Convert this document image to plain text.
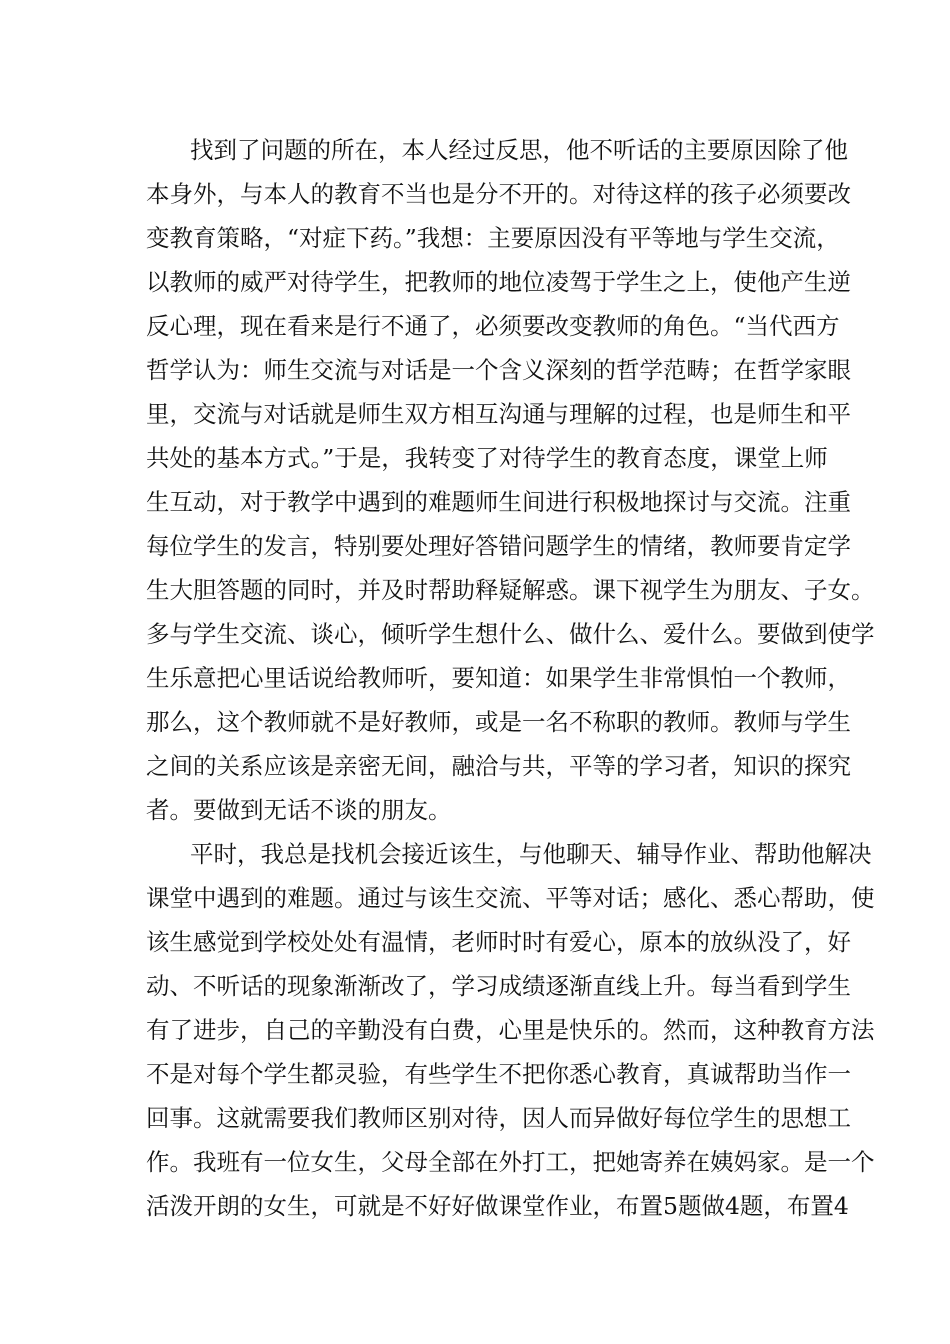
找到了问题的所在，本人经过反思，他不听话的主要原因除了他
本身外，与本人的教育不当也是分不开的。对待这样的孩子必须要改
变教育策略，“对症下药。”我想：主要原因没有平等地与学生交流，
以教师的威严对待学生，把教师的地位凌驾于学生之上，使他产生逆
反心理，现在看来是行不通了，必须要改变教师的角色。“当代西方
哲学认为：师生交流与对话是一个含义深刻的哲学范畴；在哲学家眼
里，交流与对话就是师生双方相互沟通与理解的过程，也是师生和平
共处的基本方式。”于是，我转变了对待学生的教育态度，课堂上师
生互动，对于教学中遇到的难题师生间进行积极地探讨与交流。注重
每位学生的发言，特别要处理好答错问题学生的情绪，教师要肯定学
生大胆答题的同时，并及时帮助释疑解惑。课下视学生为朋友、子女。
多与学生交流、谈心，倾听学生想什么、做什么、爱什么。要做到使学
生乐意把心里话说给教师听，要知道：如果学生非常惧怕一个教师，
那么，这个教师就不是好教师，或是一名不称职的教师。教师与学生
之间的关系应该是亲密无间，融洽与共，平等的学习者，知识的探究
者。要做到无话不谈的朋友。
平时，我总是找机会接近该生，与他聊天、辅导作业、帮助他解决
课堂中遇到的难题。通过与该生交流、平等对话；感化、悉心帮助，使
该生感觉到学校处处有温情，老师时时有爱心，原本的放纵没了，好
动、不听话的现象渐渐改了，学习成绩逐渐直线上升。每当看到学生
有了进步，自己的辛勤没有白费，心里是快乐的。然而，这种教育方法
不是对每个学生都灵验，有些学生不把你悉心教育，真诚帮助当作一
回事。这就需要我们教师区别对待，因人而异做好每位学生的思想工
作。我班有一位女生，父母全部在外打工，把她寄养在姨妈家。是一个
活泼开朗的女生，可就是不好好做课堂作业，布置5题做4题，布置4
